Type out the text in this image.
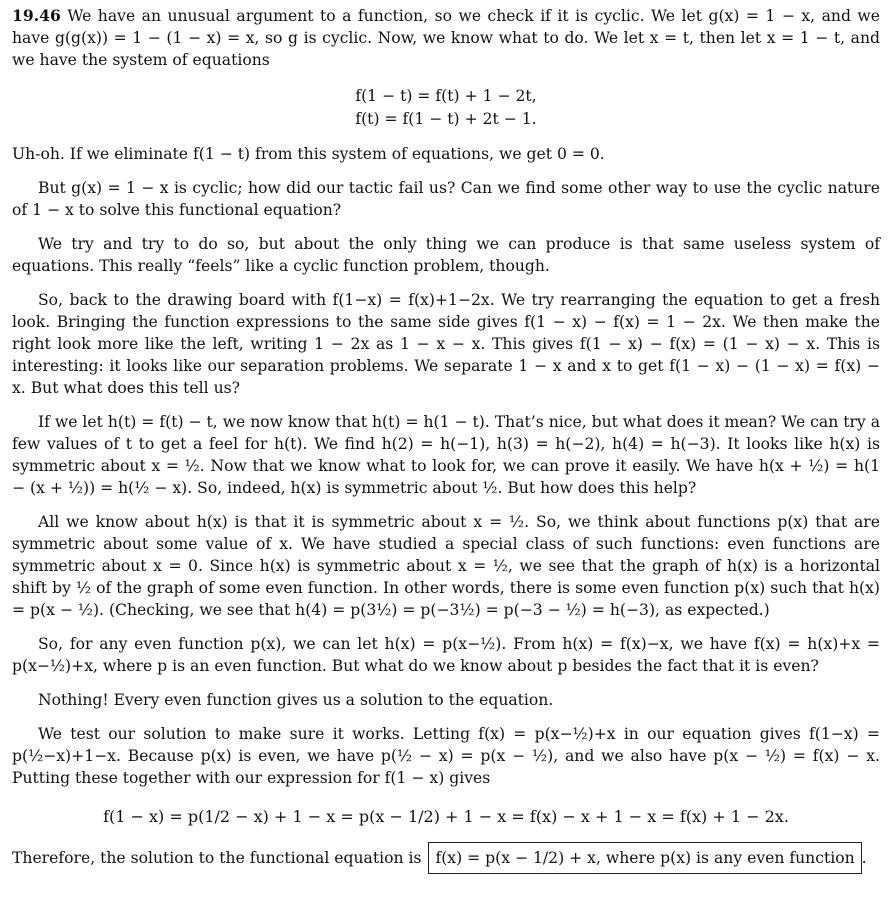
19.46 We have an unusual argument to a function, so we check if it is cyclic. We let g(x) = 1 − x, and we have g(g(x)) = 1 − (1 − x) = x, so g is cyclic. Now, we know what to do. We let x = t, then let x = 1 − t, and we have the system of equations

f(1 − t) = f(t) + 1 − 2t,
f(t) = f(1 − t) + 2t − 1.

Uh-oh. If we eliminate f(1 − t) from this system of equations, we get 0 = 0.

But g(x) = 1 − x is cyclic; how did our tactic fail us? Can we find some other way to use the cyclic nature of 1 − x to solve this functional equation?

We try and try to do so, but about the only thing we can produce is that same useless system of equations. This really “feels” like a cyclic function problem, though.

So, back to the drawing board with f(1−x) = f(x)+1−2x. We try rearranging the equation to get a fresh look. Bringing the function expressions to the same side gives f(1 − x) − f(x) = 1 − 2x. We then make the right look more like the left, writing 1 − 2x as 1 − x − x. This gives f(1 − x) − f(x) = (1 − x) − x. This is interesting: it looks like our separation problems. We separate 1 − x and x to get f(1 − x) − (1 − x) = f(x) − x. But what does this tell us?

If we let h(t) = f(t) − t, we now know that h(t) = h(1 − t). That’s nice, but what does it mean? We can try a few values of t to get a feel for h(t). We find h(2) = h(−1), h(3) = h(−2), h(4) = h(−3). It looks like h(x) is symmetric about x = ½. Now that we know what to look for, we can prove it easily. We have h(x + ½) = h(1 − (x + ½)) = h(½ − x). So, indeed, h(x) is symmetric about ½. But how does this help?

All we know about h(x) is that it is symmetric about x = ½. So, we think about functions p(x) that are symmetric about some value of x. We have studied a special class of such functions: even functions are symmetric about x = 0. Since h(x) is symmetric about x = ½, we see that the graph of h(x) is a horizontal shift by ½ of the graph of some even function. In other words, there is some even function p(x) such that h(x) = p(x − ½). (Checking, we see that h(4) = p(3½) = p(−3½) = p(−3 − ½) = h(−3), as expected.)

So, for any even function p(x), we can let h(x) = p(x−½). From h(x) = f(x)−x, we have f(x) = h(x)+x = p(x−½)+x, where p is an even function. But what do we know about p besides the fact that it is even?

Nothing! Every even function gives us a solution to the equation.

We test our solution to make sure it works. Letting f(x) = p(x−½)+x in our equation gives f(1−x) = p(½−x)+1−x. Because p(x) is even, we have p(½ − x) = p(x − ½), and we also have p(x − ½) = f(x) − x. Putting these together with our expression for f(1 − x) gives

f(1 − x) = p(1/2 − x) + 1 − x = p(x − 1/2) + 1 − x = f(x) − x + 1 − x = f(x) + 1 − 2x.
Therefore, the solution to the functional equation is f(x) = p(x − 1/2) + x, where p(x) is any even function .
